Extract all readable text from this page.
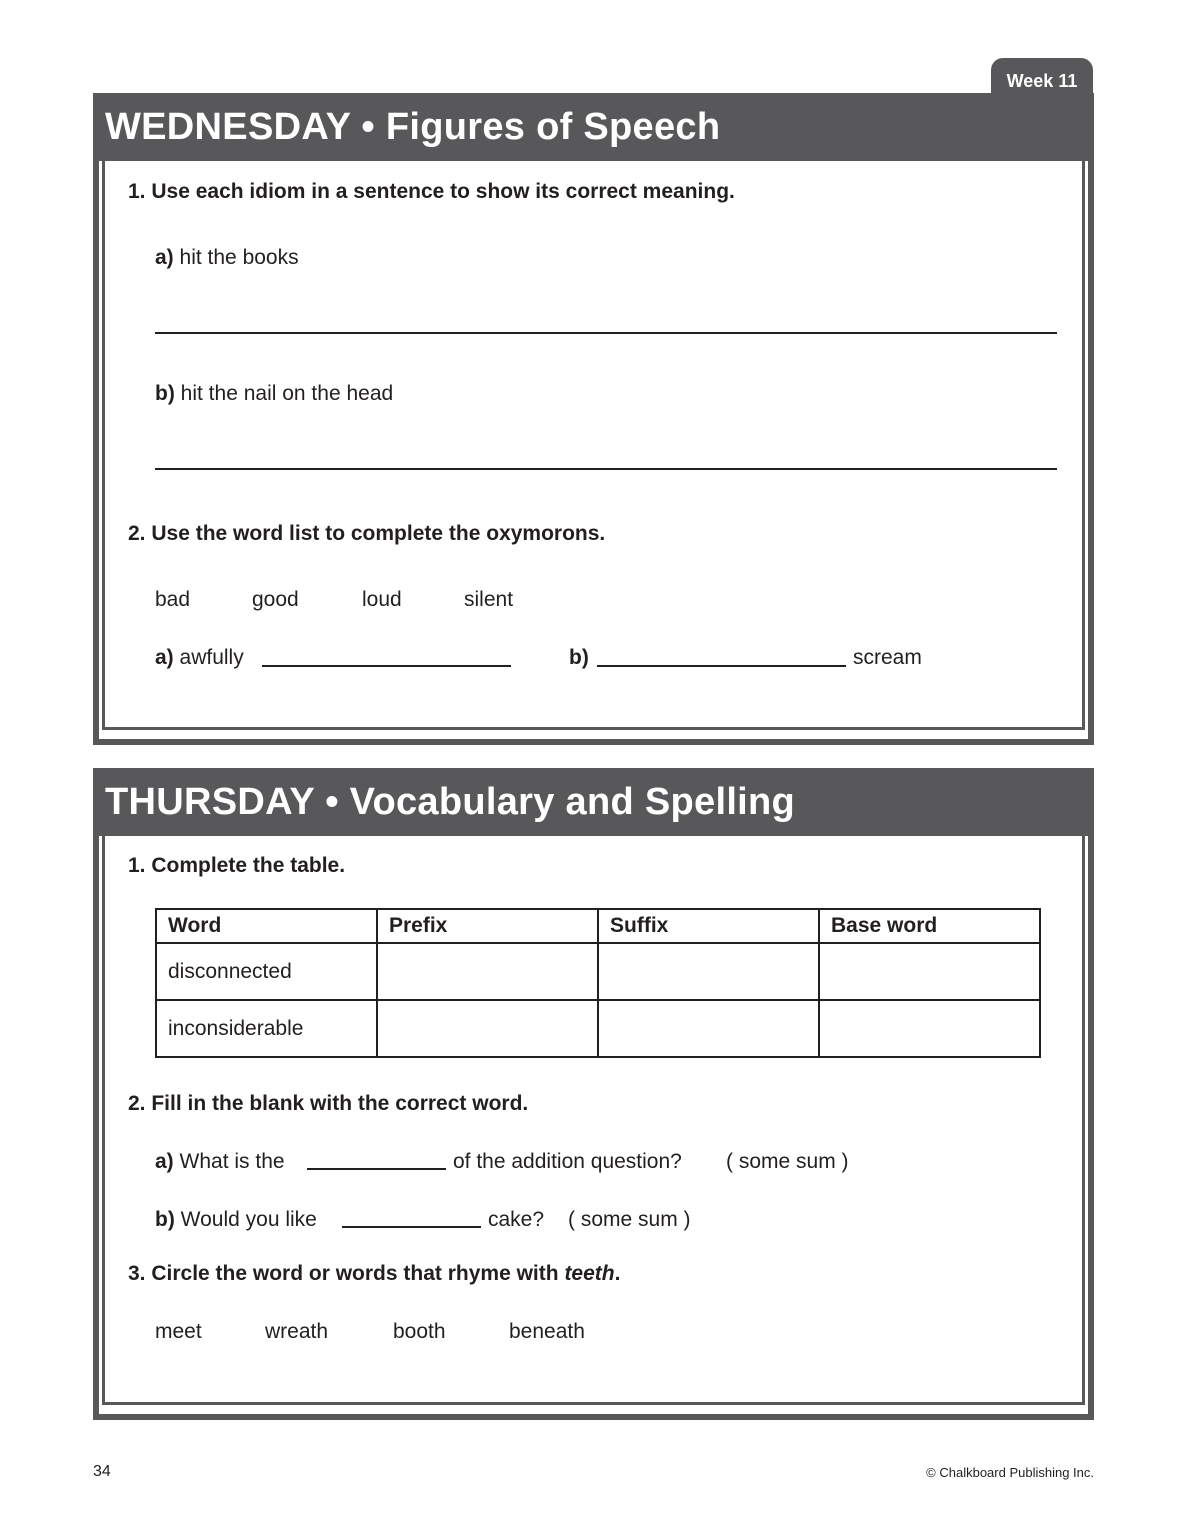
Week 11
WEDNESDAY • Figures of Speech
1. Use each idiom in a sentence to show its correct meaning.
a) hit the books
b) hit the nail on the head
2. Use the word list to complete the oxymorons.
bad	good	loud	silent
a) awfully	b)	scream
THURSDAY • Vocabulary and Spelling
1. Complete the table.
Word	Prefix	Suffix	Base word
disconnected			
inconsiderable			
2. Fill in the blank with the correct word.
a) What is the	of the addition question? ( some sum )
b) Would you like	cake? ( some sum )
3. Circle the word or words that rhyme with teeth.
meet	wreath	booth	beneath
34	© Chalkboard Publishing Inc.
